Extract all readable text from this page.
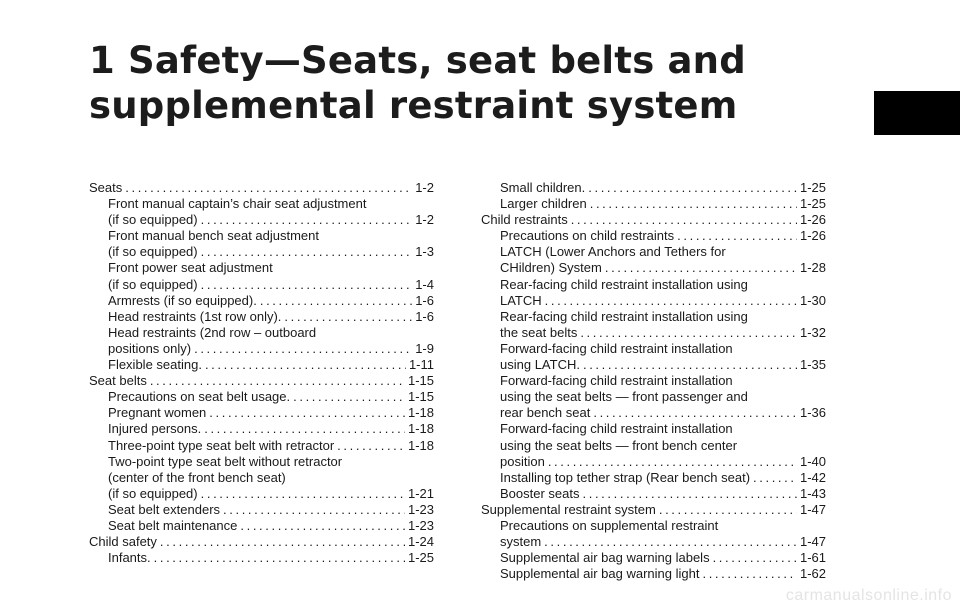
1 Safety—Seats, seat belts and
supplemental restraint system
Seats . . .	1-2
Front manual captain’s chair seat adjustment
(if so equipped) . . .	1-2
Front manual bench seat adjustment
(if so equipped) . . .	1-3
Front power seat adjustment
(if so equipped) . . .	1-4
Armrests (if so equipped). . . .	1-6
Head restraints (1st row only). . . .	1-6
Head restraints (2nd row – outboard
positions only) . . .	1-9
Flexible seating. . . .	1-11
Seat belts . . .	1-15
Precautions on seat belt usage. . . .	1-15
Pregnant women . . .	1-18
Injured persons. . . .	1-18
Three-point type seat belt with retractor . . .	1-18
Two-point type seat belt without retractor
(center of the front bench seat)
(if so equipped) . . .	1-21
Seat belt extenders . . .	1-23
Seat belt maintenance . . .	1-23
Child safety . . .	1-24
Infants. . . .	1-25
Small children. . . .	1-25
Larger children . . .	1-25
Child restraints . . .	1-26
Precautions on child restraints . . .	1-26
LATCH (Lower Anchors and Tethers for
CHildren) System . . .	1-28
Rear-facing child restraint installation using
LATCH . . .	1-30
Rear-facing child restraint installation using
the seat belts . . .	1-32
Forward-facing child restraint installation
using LATCH. . . .	1-35
Forward-facing child restraint installation
using the seat belts — front passenger and
rear bench seat . . .	1-36
Forward-facing child restraint installation
using the seat belts — front bench center
position . . .	1-40
Installing top tether strap (Rear bench seat) . . .	1-42
Booster seats . . .	1-43
Supplemental restraint system . . .	1-47
Precautions on supplemental restraint
system . . .	1-47
Supplemental air bag warning labels . . .	1-61
Supplemental air bag warning light . . .	1-62
carmanualsonline.info
